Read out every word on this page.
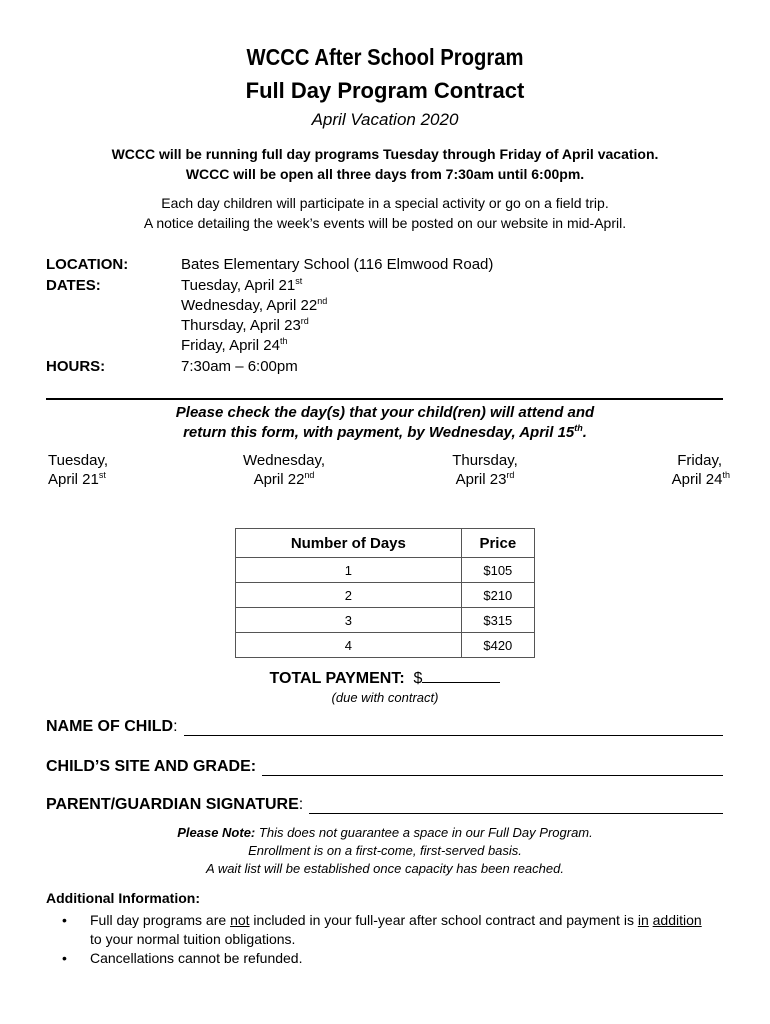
WCCC After School Program
Full Day Program Contract
April Vacation 2020
WCCC will be running full day programs Tuesday through Friday of April vacation.
WCCC will be open all three days from 7:30am until 6:00pm.
Each day children will participate in a special activity or go on a field trip.
A notice detailing the week’s events will be posted on our website in mid-April.
LOCATION:	Bates Elementary School (116 Elmwood Road)
DATES:	Tuesday, April 21st
Wednesday, April 22nd
Thursday, April 23rd
Friday, April 24th
HOURS:	7:30am – 6:00pm
Please check the day(s) that your child(ren) will attend and
return this form, with payment, by Wednesday, April 15th.
Tuesday,
April 21st
Wednesday,
April 22nd
Thursday,
April 23rd
Friday,
April 24th
Number of Days	Price
1	$105
2	$210
3	$315
4	$420
TOTAL PAYMENT: $
(due with contract)
NAME OF CHILD :
CHILD’S SITE AND GRADE:
PARENT/GUARDIAN SIGNATURE :
Please Note: This does not guarantee a space in our Full Day Program.
Enrollment is on a first-come, first-served basis.
A wait list will be established once capacity has been reached.
Additional Information:
• Full day programs are not included in your full-year after school contract and payment is in addition to your normal tuition obligations.
• Cancellations cannot be refunded.
